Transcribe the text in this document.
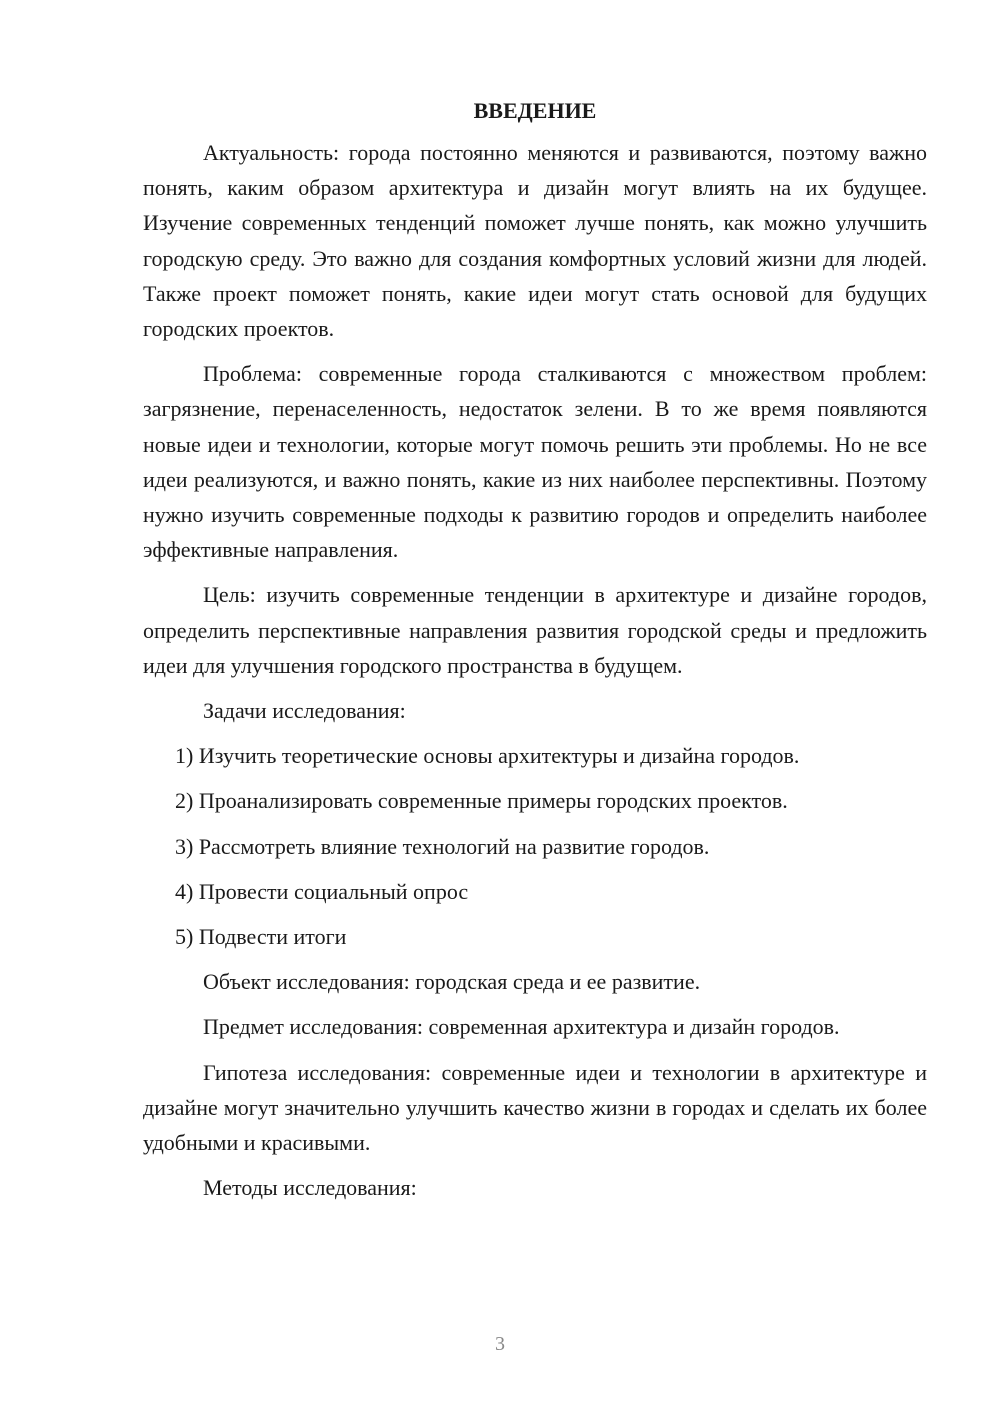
ВВЕДЕНИЕ

Актуальность: города постоянно меняются и развиваются, поэтому важно понять, каким образом архитектура и дизайн могут влиять на их будущее. Изучение современных тенденций поможет лучше понять, как можно улучшить городскую среду. Это важно для создания комфортных условий жизни для людей. Также проект поможет понять, какие идеи могут стать основой для будущих городских проектов.

Проблема: современные города сталкиваются с множеством проблем: загрязнение, перенаселенность, недостаток зелени. В то же время появляются новые идеи и технологии, которые могут помочь решить эти проблемы. Но не все идеи реализуются, и важно понять, какие из них наиболее перспективны. Поэтому нужно изучить современные подходы к развитию городов и определить наиболее эффективные направления.

Цель: изучить современные тенденции в архитектуре и дизайне городов, определить перспективные направления развития городской среды и предложить идеи для улучшения городского пространства в будущем.

Задачи исследования:

1) Изучить теоретические основы архитектуры и дизайна городов.
2) Проанализировать современные примеры городских проектов.
3) Рассмотреть влияние технологий на развитие городов.
4) Провести социальный опрос
5) Подвести итоги

Объект исследования: городская среда и ее развитие.

Предмет исследования: современная архитектура и дизайн городов.

Гипотеза исследования: современные идеи и технологии в архитектуре и дизайне могут значительно улучшить качество жизни в городах и сделать их более удобными и красивыми.

Методы исследования:

3
